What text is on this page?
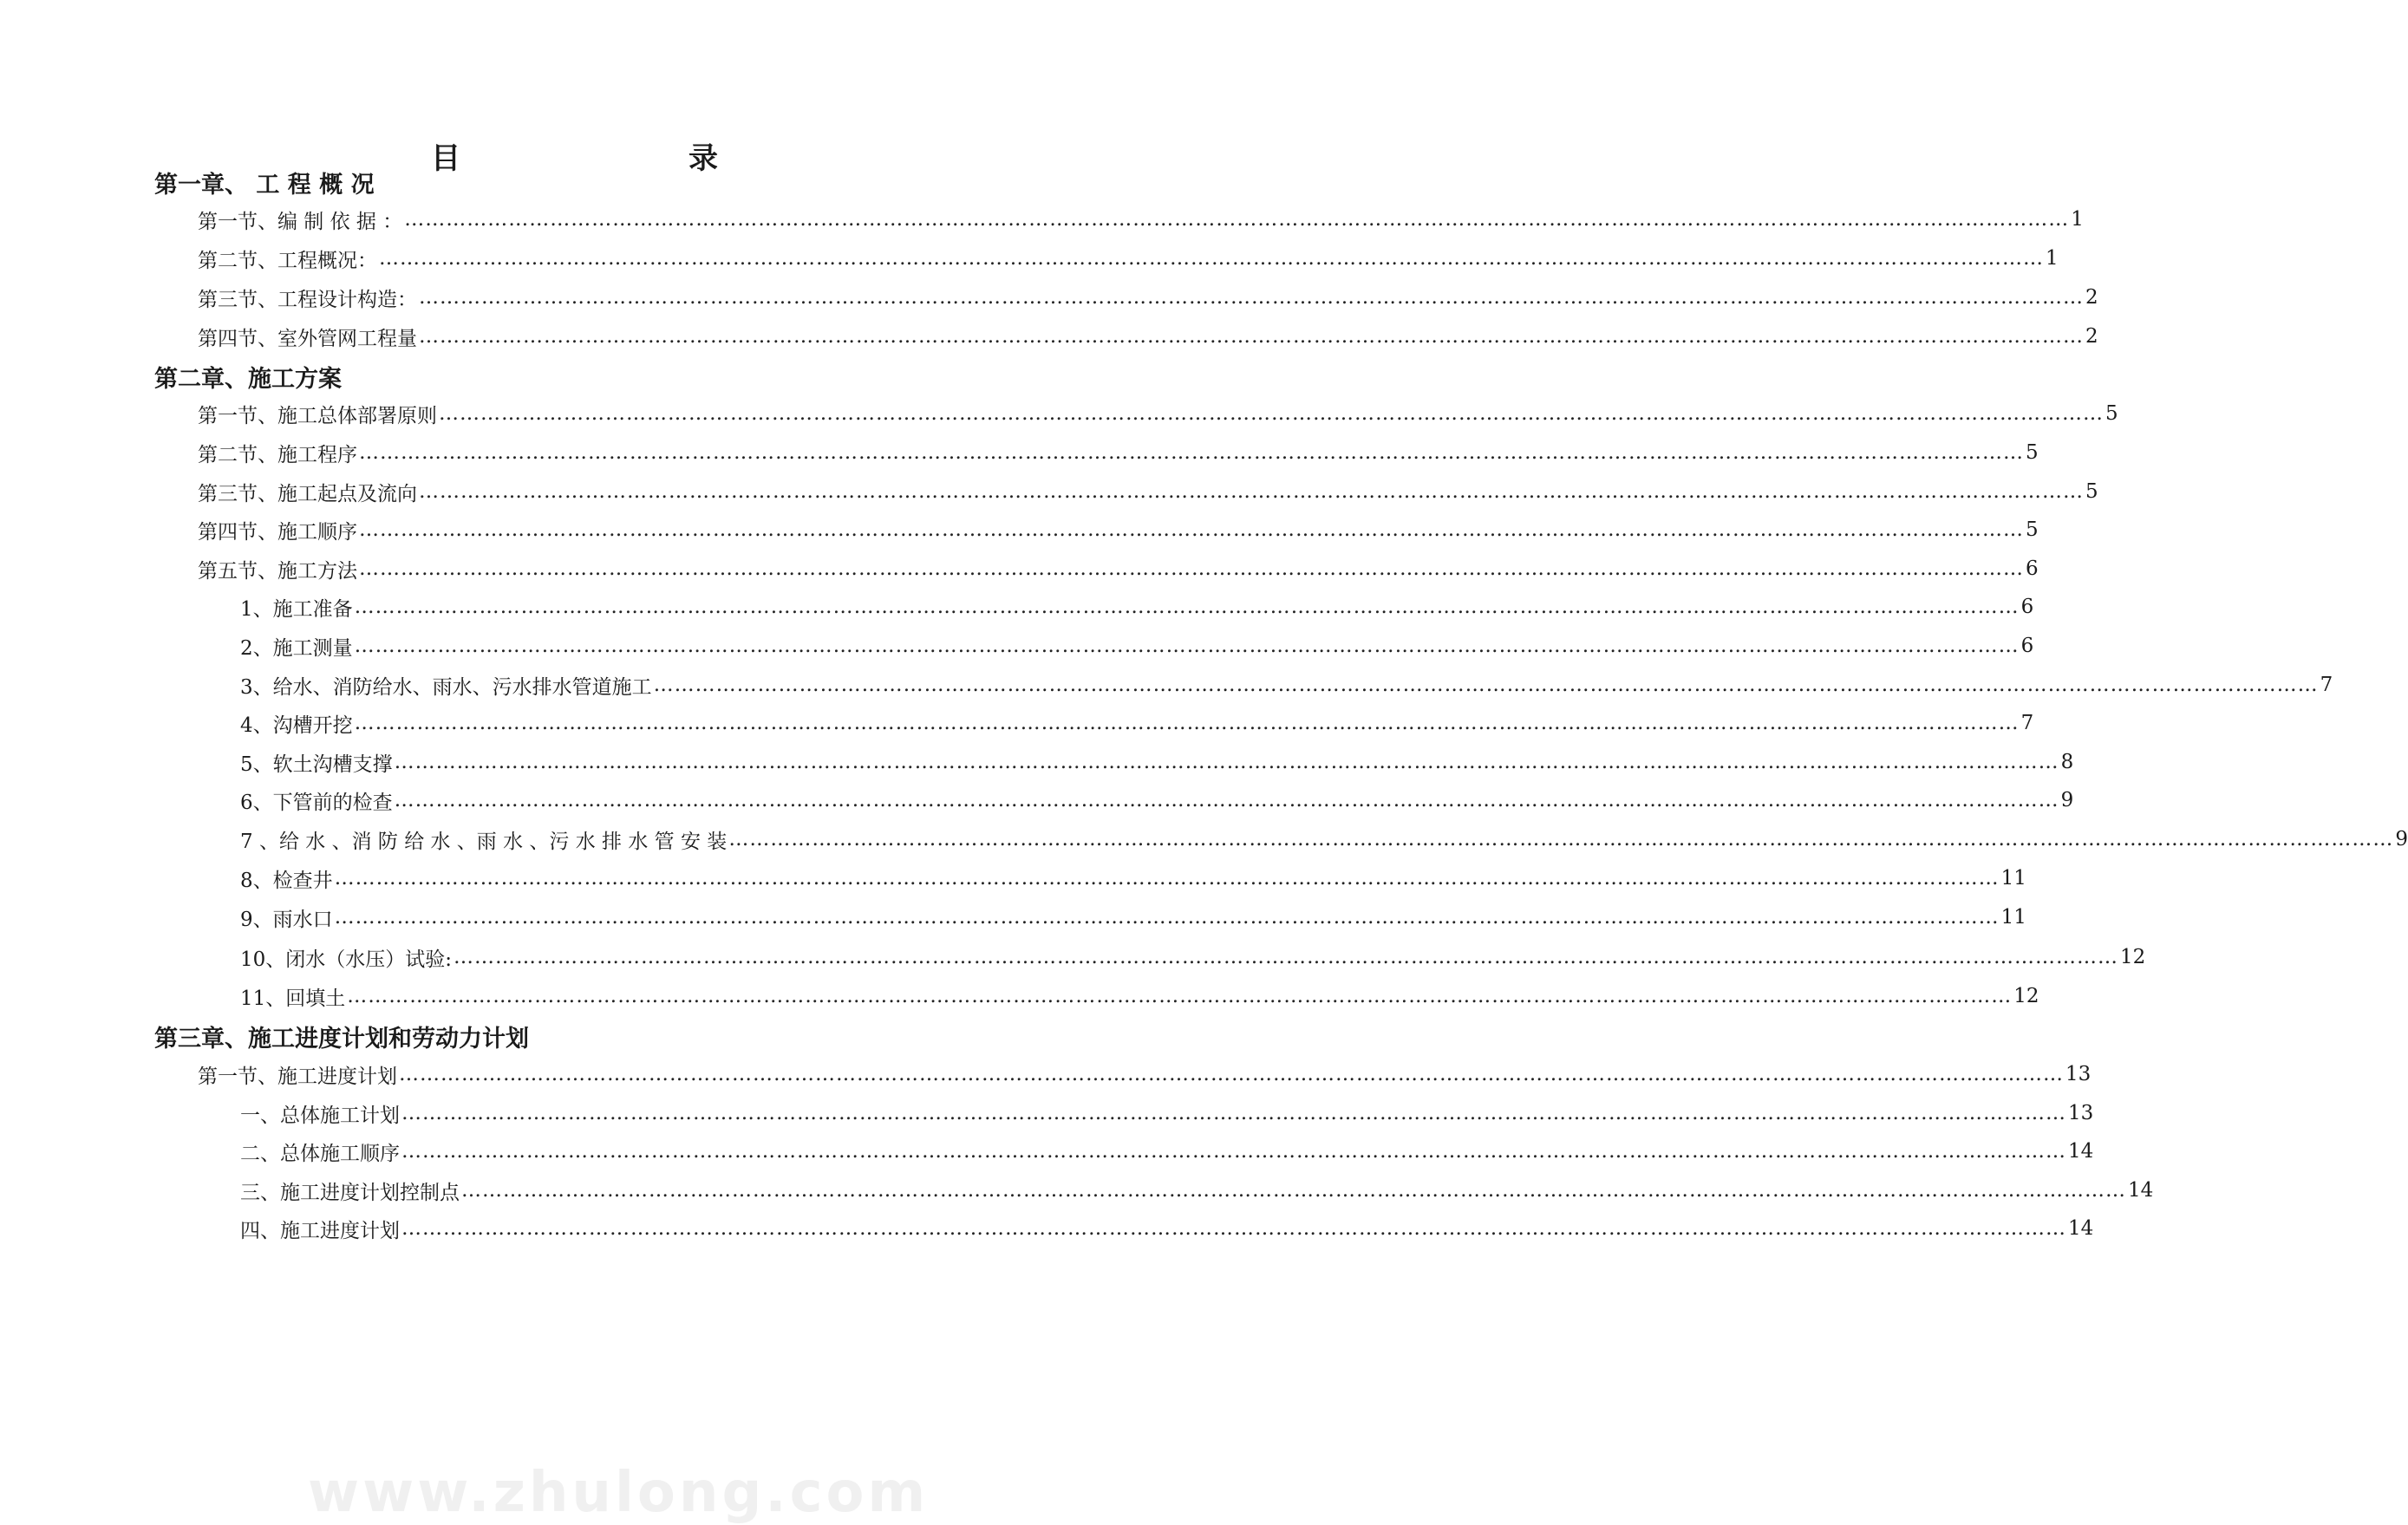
目	录
第一章、 工 程 概 况
第一节、编 制 依 据 ： …………………………………………………………………………………………………………………………………………………………………………………………………………………… 1
第二节、工程概况： …………………………………………………………………………………………………………………………………………………………………………………………………………………… 1
第三节、工程设计构造： …………………………………………………………………………………………………………………………………………………………………………………………………………………… 2
第四节、室外管网工程量 …………………………………………………………………………………………………………………………………………………………………………………………………………………… 2
第二章、施工方案
第一节、施工总体部署原则 …………………………………………………………………………………………………………………………………………………………………………………………………………………… 5
第二节、施工程序 …………………………………………………………………………………………………………………………………………………………………………………………………………………… 5
第三节、施工起点及流向 …………………………………………………………………………………………………………………………………………………………………………………………………………………… 5
第四节、施工顺序 …………………………………………………………………………………………………………………………………………………………………………………………………………………… 5
第五节、施工方法 …………………………………………………………………………………………………………………………………………………………………………………………………………………… 6
1、施工准备 …………………………………………………………………………………………………………………………………………………………………………………………………………………… 6
2、施工测量 …………………………………………………………………………………………………………………………………………………………………………………………………………………… 6
3、给水、消防给水、雨水、污水排水管道施工 …………………………………………………………………………………………………………………………………………………………………………………………………………………… 7
4、沟槽开挖 …………………………………………………………………………………………………………………………………………………………………………………………………………………… 7
5、软土沟槽支撑 …………………………………………………………………………………………………………………………………………………………………………………………………………………… 8
6、下管前的检查 …………………………………………………………………………………………………………………………………………………………………………………………………………………… 9
7 、给 水 、消 防 给 水 、雨 水 、污 水 排 水 管 安 装 …………………………………………………………………………………………………………………………………………………………………………………………………………………… 9
8、检查井 …………………………………………………………………………………………………………………………………………………………………………………………………………………… 11
9、雨水口 …………………………………………………………………………………………………………………………………………………………………………………………………………………… 11
10、闭水（水压）试验: …………………………………………………………………………………………………………………………………………………………………………………………………………………… 12
11、回填土 …………………………………………………………………………………………………………………………………………………………………………………………………………………… 12
第三章、施工进度计划和劳动力计划
第一节、施工进度计划 …………………………………………………………………………………………………………………………………………………………………………………………………………………… 13
一、总体施工计划 …………………………………………………………………………………………………………………………………………………………………………………………………………………… 13
二、总体施工顺序 …………………………………………………………………………………………………………………………………………………………………………………………………………………… 14
三、施工进度计划控制点 …………………………………………………………………………………………………………………………………………………………………………………………………………………… 14
四、施工进度计划 …………………………………………………………………………………………………………………………………………………………………………………………………………………… 14
www.zhulong.com
